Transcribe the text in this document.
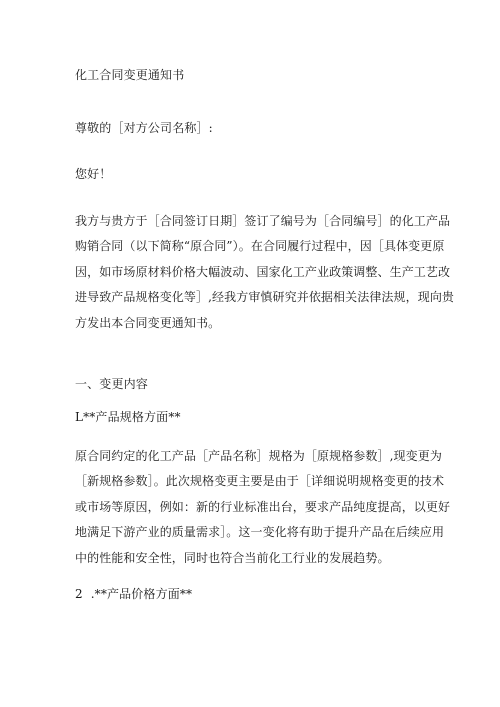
化工合同变更通知书
尊敬的［对方公司名称］:
您好！
我方与贵方于［合同签订日期］签订了编号为［合同编号］的化工产品
购销合同（以下简称“原合同”）。在合同履行过程中，因［具体变更原
因，如市场原材料价格大幅波动、国家化工产业政策调整、生产工艺改
进导致产品规格变化等］,经我方审慎研究并依据相关法律法规，现向贵
方发出本合同变更通知书。
一、变更内容
L**产品规格方面**
原合同约定的化工产品［产品名称］规格为［原规格参数］,现变更为
［新规格参数］。此次规格变更主要是由于［详细说明规格变更的技术
或市场等原因，例如：新的行业标准出台，要求产品纯度提高，以更好
地满足下游产业的质量需求］。这一变化将有助于提升产品在后续应用
中的性能和安全性，同时也符合当前化工行业的发展趋势。
2  .**产品价格方面**
